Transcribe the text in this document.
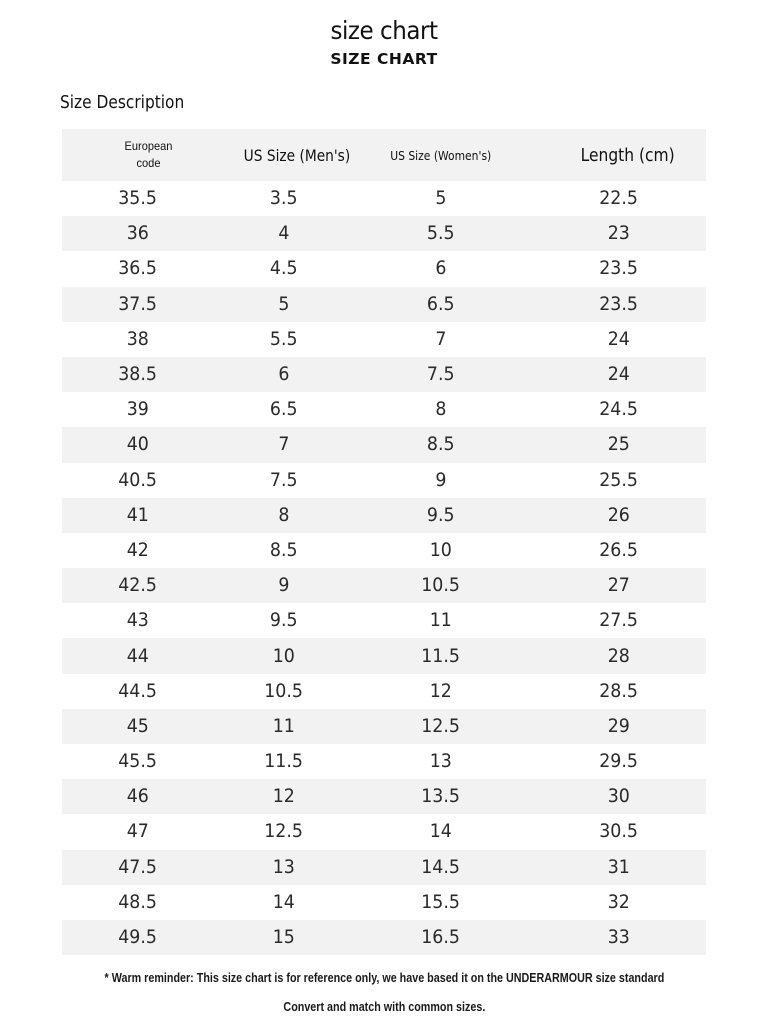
size chart
SIZE CHART
Size Description
European
code	US Size (Men's)	US Size (Women's)	Length (cm)
35.5	3.5	5	22.5
36	4	5.5	23
36.5	4.5	6	23.5
37.5	5	6.5	23.5
38	5.5	7	24
38.5	6	7.5	24
39	6.5	8	24.5
40	7	8.5	25
40.5	7.5	9	25.5
41	8	9.5	26
42	8.5	10	26.5
42.5	9	10.5	27
43	9.5	11	27.5
44	10	11.5	28
44.5	10.5	12	28.5
45	11	12.5	29
45.5	11.5	13	29.5
46	12	13.5	30
47	12.5	14	30.5
47.5	13	14.5	31
48.5	14	15.5	32
49.5	15	16.5	33
* Warm reminder: This size chart is for reference only, we have based it on the UNDERARMOUR size standard
Convert and match with common sizes.
